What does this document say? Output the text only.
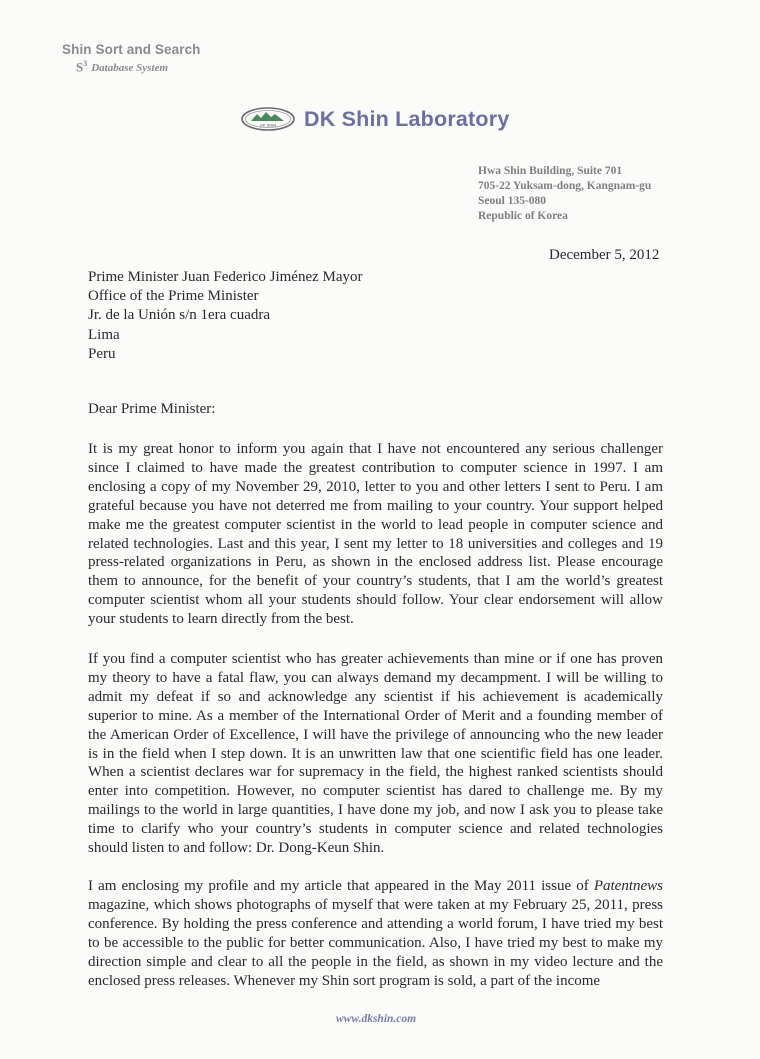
Shin Sort and Search
$S^3$ Database System
DK SHIN DK Shin Laboratory
Hwa Shin Building, Suite 701
705-22 Yuksam-dong, Kangnam-gu
Seoul 135-080
Republic of Korea
December 5, 2012
Prime Minister Juan Federico Jiménez Mayor
Office of the Prime Minister
Jr. de la Unión s/n 1era cuadra
Lima
Peru
Dear Prime Minister:
It is my great honor to inform you again that I have not encountered any serious challenger since I claimed to have made the greatest contribution to computer science in 1997. I am enclosing a copy of my November 29, 2010, letter to you and other letters I sent to Peru. I am grateful because you have not deterred me from mailing to your country. Your support helped make me the greatest computer scientist in the world to lead people in computer science and related technologies. Last and this year, I sent my letter to 18 universities and colleges and 19 press-related organizations in Peru, as shown in the enclosed address list. Please encourage them to announce, for the benefit of your country’s students, that I am the world’s greatest computer scientist whom all your students should follow. Your clear endorsement will allow your students to learn directly from the best.
If you find a computer scientist who has greater achievements than mine or if one has proven my theory to have a fatal flaw, you can always demand my decampment. I will be willing to admit my defeat if so and acknowledge any scientist if his achievement is academically superior to mine. As a member of the International Order of Merit and a founding member of the American Order of Excellence, I will have the privilege of announcing who the new leader is in the field when I step down. It is an unwritten law that one scientific field has one leader. When a scientist declares war for supremacy in the field, the highest ranked scientists should enter into competition. However, no computer scientist has dared to challenge me. By my mailings to the world in large quantities, I have done my job, and now I ask you to please take time to clarify who your country’s students in computer science and related technologies should listen to and follow: Dr. Dong-Keun Shin.
I am enclosing my profile and my article that appeared in the May 2011 issue of Patentnews magazine, which shows photographs of myself that were taken at my February 25, 2011, press conference. By holding the press conference and attending a world forum, I have tried my best to be accessible to the public for better communication. Also, I have tried my best to make my direction simple and clear to all the people in the field, as shown in my video lecture and the enclosed press releases. Whenever my Shin sort program is sold, a part of the income
www.dkshin.com
